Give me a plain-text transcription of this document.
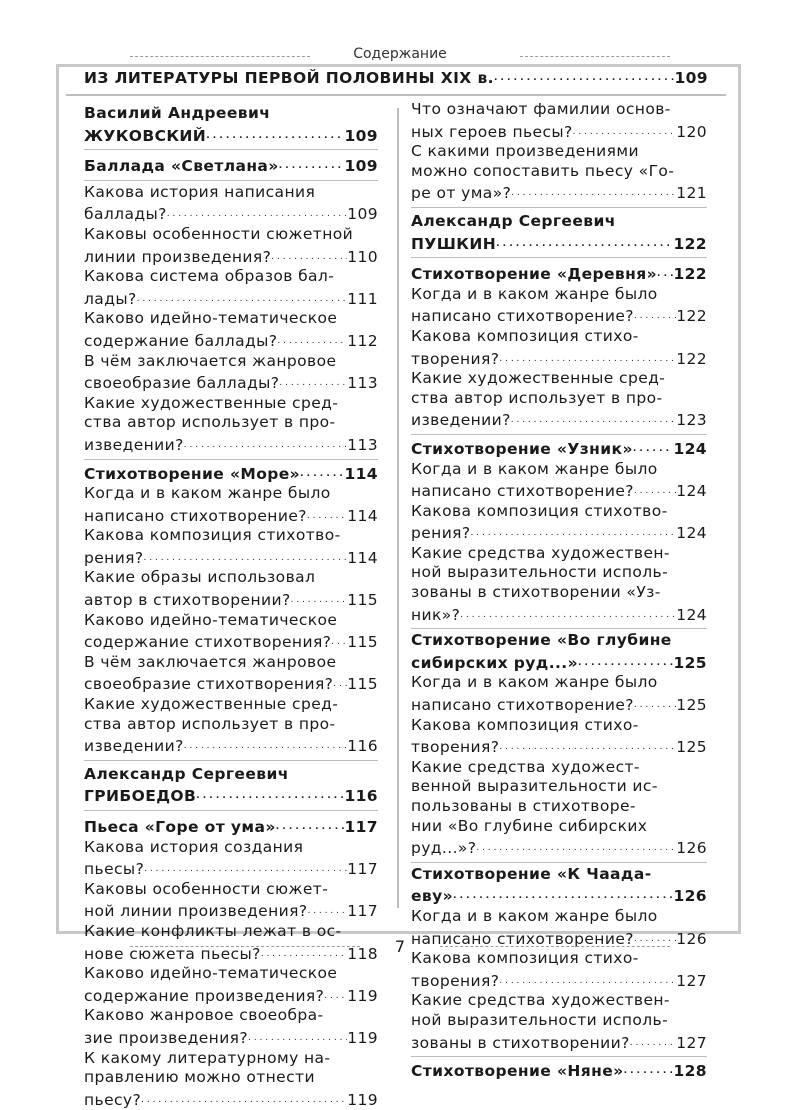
Содержание
ИЗ ЛИТЕРАТУРЫ ПЕРВОЙ ПОЛОВИНЫ XIX в. . . .	109
Василий Андреевич
ЖУКОВСКИЙ . . .	109
Баллада «Светлана» . . .	109
Какова история написания
баллады? . . .	109
Каковы особенности сюжетной
линии произведения? . . .	110
Какова система образов бал-
лады? . . .	111
Каково идейно-тематическое
содержание баллады? . . .	112
В чём заключается жанровое
своеобразие баллады? . . .	113
Какие художественные сред-
ства автор использует в про-
изведении? . . .	113
Стихотворение «Море» . . .	114
Когда и в каком жанре было
написано стихотворение? . . .	114
Какова композиция стихотво-
рения? . . .	114
Какие образы использовал
автор в стихотворении? . . .	115
Каково идейно-тематическое
содержание стихотворения? . . . 115
В чём заключается жанровое
своеобразие стихотворения? . . . 115
Какие художественные сред-
ства автор использует в про-
изведении? . . .	116
Александр Сергеевич
ГРИБОЕДОВ . . .	116
Пьеса «Горе от ума» . . .	117
Какова история создания
пьесы? . . .	117
Каковы особенности сюжет-
ной линии произведения? . . .	117
Какие конфликты лежат в ос-
нове сюжета пьесы? . . .	118
Каково идейно-тематическое
содержание произведения? . . . 119
Каково жанровое своеобра-
зие произведения? . . .	119
К какому литературному на-
правлению можно отнести
пьесу? . . .	119
Что означают фамилии основ-
ных героев пьесы? . . .	120
С какими произведениями
можно сопоставить пьесу «Го-
ре от ума»? . . .	121
Александр Сергеевич
ПУШКИН . . .	122
Стихотворение «Деревня» . . . 122
Когда и в каком жанре было
написано стихотворение? . . .	122
Какова композиция стихо-
творения? . . .	122
Какие художественные сред-
ства автор использует в про-
изведении? . . .	123
Стихотворение «Узник» . . .	124
Когда и в каком жанре было
написано стихотворение? . . .	124
Какова композиция стихотво-
рения? . . .	124
Какие средства художествен-
ной выразительности исполь-
зованы в стихотворении «Уз-
ник»? . . .	124
Стихотворение «Во глубине
сибирских руд...» . . .	125
Когда и в каком жанре было
написано стихотворение? . . .	125
Какова композиция стихо-
творения? . . .	125
Какие средства художест-
венной выразительности ис-
пользованы в стихотворе-
нии «Во глубине сибирских
руд...»? . . .	126
Стихотворение «К Чаада-
еву» . . .	126
Когда и в каком жанре было
написано стихотворение? . . .	126
Какова композиция стихо-
творения? . . .	127
Какие средства художествен-
ной выразительности исполь-
зованы в стихотворении? . . .	127
Стихотворение «Няне» . . .	128
7
